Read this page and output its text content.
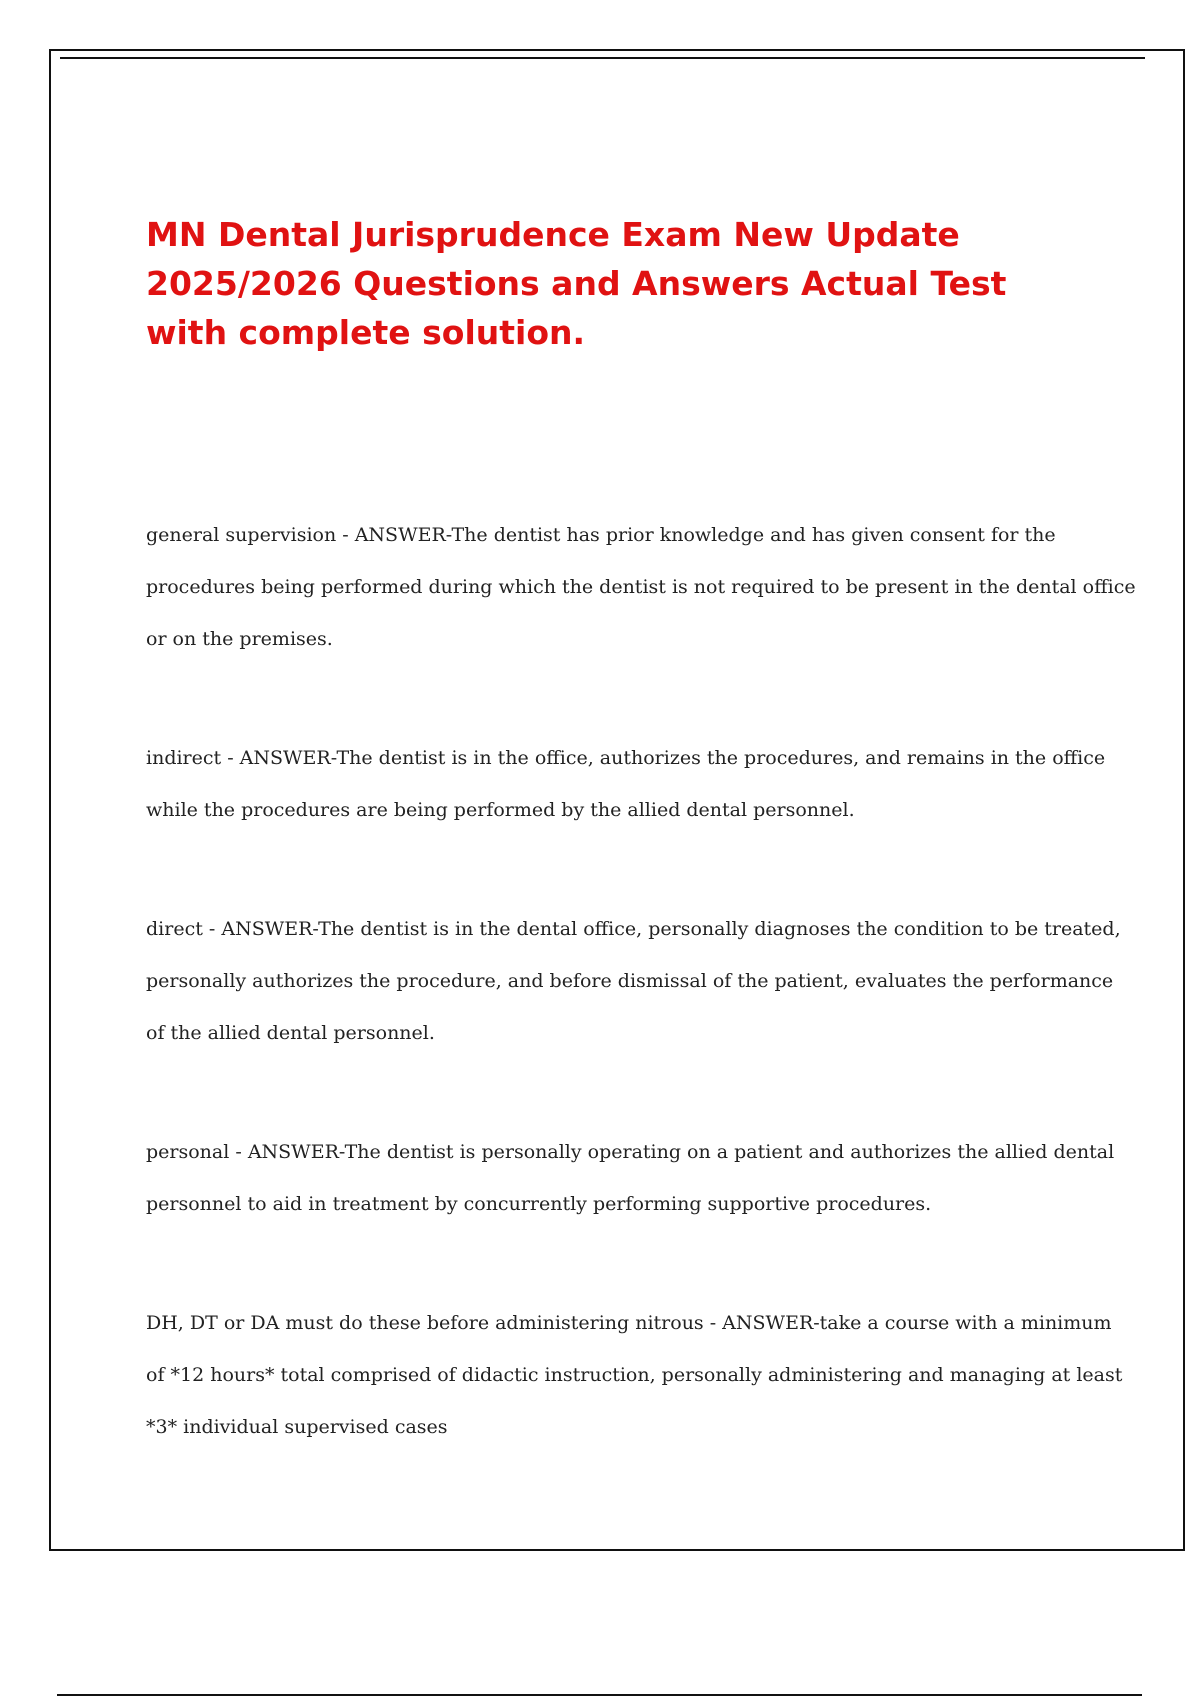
MN Dental Jurisprudence Exam New Update 2025/2026 Questions and Answers Actual Test with complete solution.

general supervision - ANSWER-The dentist has prior knowledge and has given consent for the procedures being performed during which the dentist is not required to be present in the dental office or on the premises.

indirect - ANSWER-The dentist is in the office, authorizes the procedures, and remains in the office while the procedures are being performed by the allied dental personnel.

direct - ANSWER-The dentist is in the dental office, personally diagnoses the condition to be treated, personally authorizes the procedure, and before dismissal of the patient, evaluates the performance of the allied dental personnel.

personal - ANSWER-The dentist is personally operating on a patient and authorizes the allied dental personnel to aid in treatment by concurrently performing supportive procedures.

DH, DT or DA must do these before administering nitrous - ANSWER-take a course with a minimum of *12 hours* total comprised of didactic instruction, personally administering and managing at least *3* individual supervised cases
